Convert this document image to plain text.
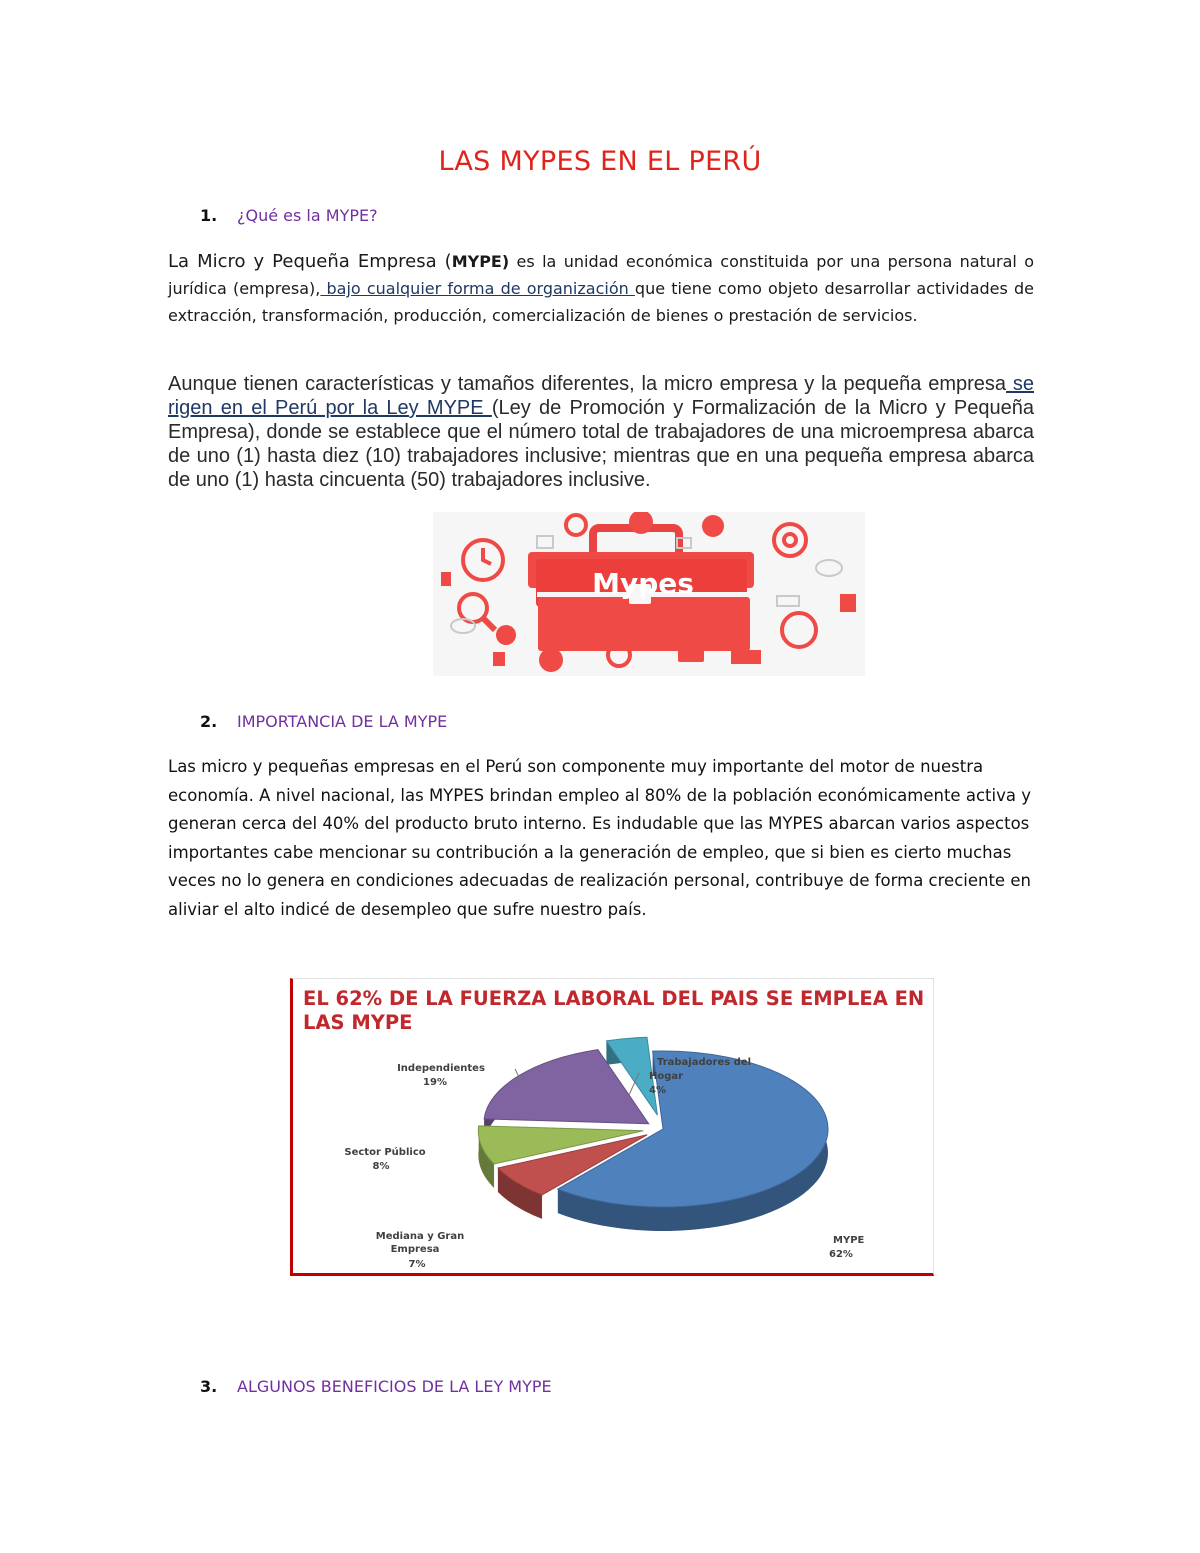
LAS MYPES EN EL PERÚ
1. ¿Qué es la MYPE?
La Micro y Pequeña Empresa (MYPE) es la unidad económica constituida por una persona natural o jurídica (empresa), bajo cualquier forma de organización que tiene como objeto desarrollar actividades de extracción, transformación, producción, comercialización de bienes o prestación de servicios.
Aunque tienen características y tamaños diferentes, la micro empresa y la pequeña empresa se rigen en el Perú por la Ley MYPE (Ley de Promoción y Formalización de la Micro y Pequeña Empresa), donde se establece que el número total de trabajadores de una microempresa abarca de uno (1) hasta diez (10) trabajadores inclusive; mientras que en una pequeña empresa abarca de uno (1) hasta cincuenta (50) trabajadores inclusive.
Mypes
2. IMPORTANCIA DE LA MYPE
Las micro y pequeñas empresas en el Perú son componente muy importante del motor de nuestra economía. A nivel nacional, las MYPES brindan empleo al 80% de la población económicamente activa y generan cerca del 40% del producto bruto interno. Es indudable que las MYPES abarcan varios aspectos importantes cabe mencionar su contribución a la generación de empleo, que si bien es cierto muchas veces no lo genera en condiciones adecuadas de realización personal, contribuye de forma creciente en aliviar el alto indicé de desempleo que sufre nuestro país.
EL 62% DE LA FUERZA LABORAL DEL PAIS SE EMPLEA EN LAS MYPE
MYPE
62%
Mediana y Gran
Empresa
7%
Sector Público
8%
Independientes
19%
Trabajadores del
Hogar
4%
3. ALGUNOS BENEFICIOS DE LA LEY MYPE
